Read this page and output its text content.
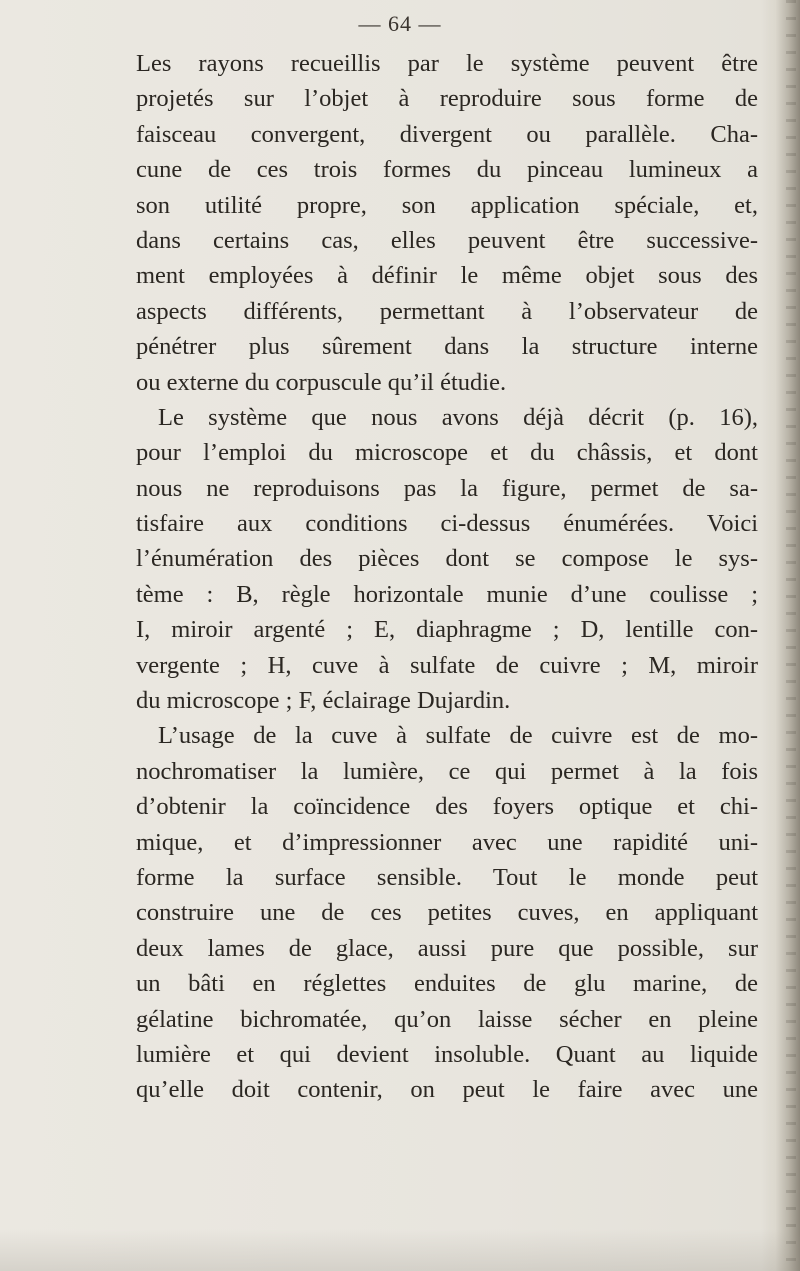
— 64 —
Les rayons recueillis par le système peuvent être
projetés sur l’objet à reproduire sous forme de
faisceau convergent, divergent ou parallèle. Cha-
cune de ces trois formes du pinceau lumineux a
son utilité propre, son application spéciale, et,
dans certains cas, elles peuvent être successive-
ment employées à définir le même objet sous des
aspects différents, permettant à l’observateur de
pénétrer plus sûrement dans la structure interne
ou externe du corpuscule qu’il étudie.
Le système que nous avons déjà décrit (p. 16),
pour l’emploi du microscope et du châssis, et dont
nous ne reproduisons pas la figure, permet de sa-
tisfaire aux conditions ci-dessus énumérées. Voici
l’énumération des pièces dont se compose le sys-
tème : B, règle horizontale munie d’une coulisse ;
I, miroir argenté ; E, diaphragme ; D, lentille con-
vergente ; H, cuve à sulfate de cuivre ; M, miroir
du microscope ; F, éclairage Dujardin.
L’usage de la cuve à sulfate de cuivre est de mo-
nochromatiser la lumière, ce qui permet à la fois
d’obtenir la coïncidence des foyers optique et chi-
mique, et d’impressionner avec une rapidité uni-
forme la surface sensible. Tout le monde peut
construire une de ces petites cuves, en appliquant
deux lames de glace, aussi pure que possible, sur
un bâti en réglettes enduites de glu marine, de
gélatine bichromatée, qu’on laisse sécher en pleine
lumière et qui devient insoluble. Quant au liquide
qu’elle doit contenir, on peut le faire avec une
